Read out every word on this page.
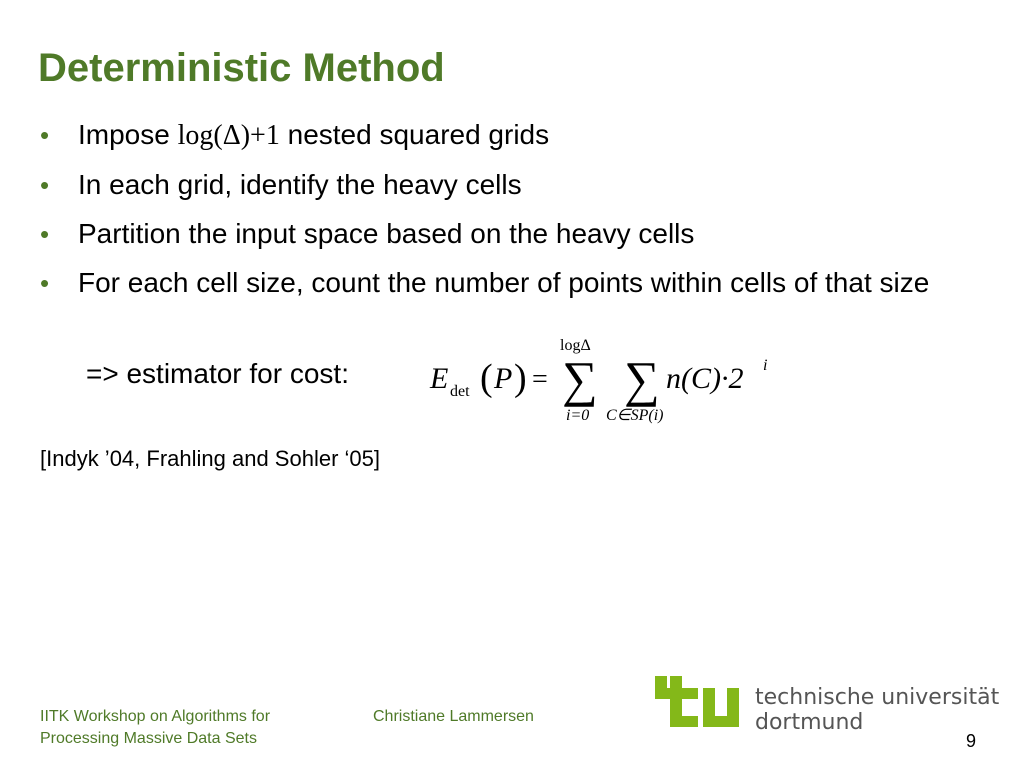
Deterministic Method
• Impose log(Δ)+1 nested squared grids
• In each grid, identify the heavy cells
• Partition the input space based on the heavy cells
• For each cell size, count the number of points within cells of that size
=> estimator for cost:	E det ( P ) =
logΔ
∑
i=0
∑
C∈SP(i)
n(C)·2 i
[Indyk ’04, Frahling and Sohler ‘05]
IITK Workshop on Algorithms for
Processing Massive Data Sets
Christiane Lammersen
technische universität
dortmund
9
